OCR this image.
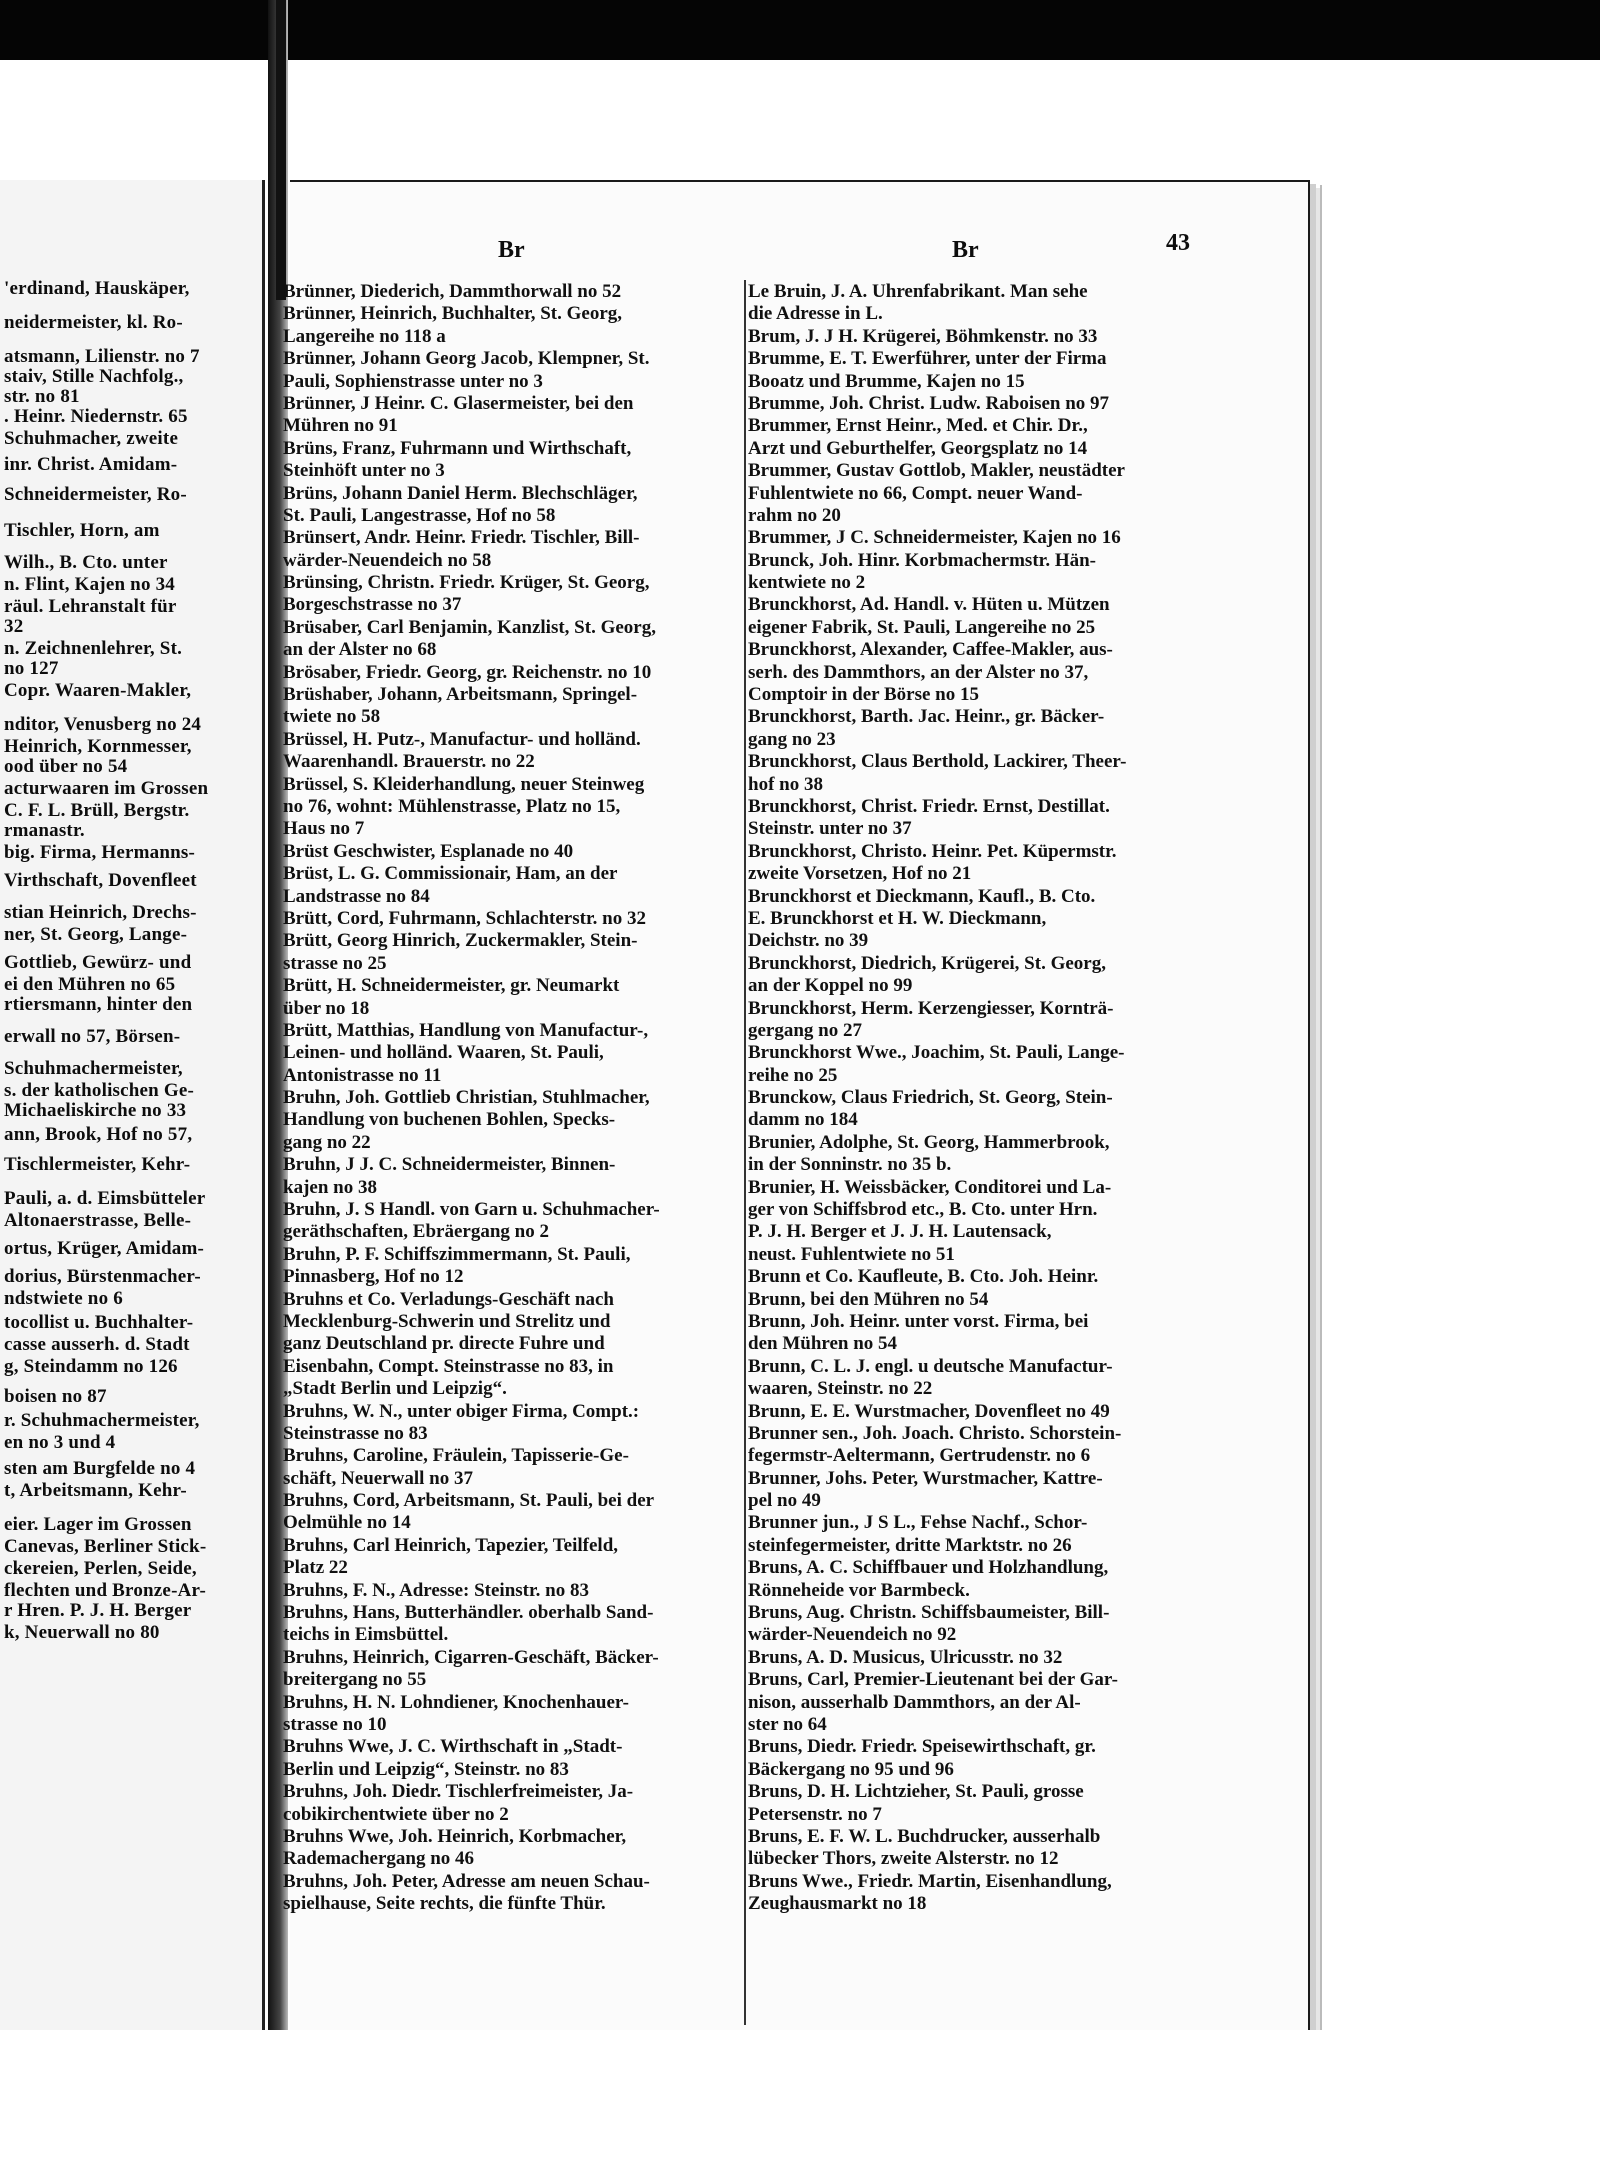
'erdinand, Hauskäper,
neidermeister, kl. Ro-
atsmann, Lilienstr. no 7
staiv, Stille Nachfolg.,
str. no 81
. Heinr. Niedernstr. 65
Schuhmacher, zweite
inr. Christ. Amidam-
Schneidermeister, Ro-
Tischler, Horn, am
Wilh., B. Cto. unter
n. Flint, Kajen no 34
räul. Lehranstalt für
32
n. Zeichnenlehrer, St.
no 127
Copr. Waaren-Makler,
nditor, Venusberg no 24
Heinrich, Kornmesser,
ood über no 54
acturwaaren im Grossen
C. F. L. Brüll, Bergstr.
rmanastr.
big. Firma, Hermanns-
Virthschaft, Dovenfleet
stian Heinrich, Drechs-
ner, St. Georg, Lange-
Gottlieb, Gewürz- und
ei den Mühren no 65
rtiersmann, hinter den
erwall no 57, Börsen-
Schuhmachermeister,
s. der katholischen Ge-
Michaeliskirche no 33
ann, Brook, Hof no 57,
Tischlermeister, Kehr-
Pauli, a. d. Eimsbütteler
Altonaerstrasse, Belle-
ortus, Krüger, Amidam-
dorius, Bürstenmacher-
ndstwiete no 6
tocollist u. Buchhalter-
casse ausserh. d. Stadt
g, Steindamm no 126
boisen no 87
r. Schuhmachermeister,
en no 3 und 4
sten am Burgfelde no 4
t, Arbeitsmann, Kehr-
eier. Lager im Grossen
Canevas, Berliner Stick-
ckereien, Perlen, Seide,
flechten und Bronze-Ar-
r Hren. P. J. H. Berger
k, Neuerwall no 80
Br	Br	43
Brünner, Diederich, Dammthorwall no 52
Brünner, Heinrich, Buchhalter, St. Georg,
Langereihe no 118 a
Brünner, Johann Georg Jacob, Klempner, St.
Pauli, Sophienstrasse unter no 3
Brünner, J Heinr. C. Glasermeister, bei den
Mühren no 91
Brüns, Franz, Fuhrmann und Wirthschaft,
Steinhöft unter no 3
Brüns, Johann Daniel Herm. Blechschläger,
St. Pauli, Langestrasse, Hof no 58
Brünsert, Andr. Heinr. Friedr. Tischler, Bill-
wärder-Neuendeich no 58
Brünsing, Christn. Friedr. Krüger, St. Georg,
Borgeschstrasse no 37
Brüsaber, Carl Benjamin, Kanzlist, St. Georg,
an der Alster no 68
Brösaber, Friedr. Georg, gr. Reichenstr. no 10
Brüshaber, Johann, Arbeitsmann, Springel-
twiete no 58
Brüssel, H. Putz-, Manufactur- und holländ.
Waarenhandl. Brauerstr. no 22
Brüssel, S. Kleiderhandlung, neuer Steinweg
no 76, wohnt: Mühlenstrasse, Platz no 15,
Haus no 7
Brüst Geschwister, Esplanade no 40
Brüst, L. G. Commissionair, Ham, an der
Landstrasse no 84
Brütt, Cord, Fuhrmann, Schlachterstr. no 32
Brütt, Georg Hinrich, Zuckermakler, Stein-
strasse no 25
Brütt, H. Schneidermeister, gr. Neumarkt
über no 18
Brütt, Matthias, Handlung von Manufactur-,
Leinen- und holländ. Waaren, St. Pauli,
Antonistrasse no 11
Bruhn, Joh. Gottlieb Christian, Stuhlmacher,
Handlung von buchenen Bohlen, Specks-
gang no 22
Bruhn, J J. C. Schneidermeister, Binnen-
kajen no 38
Bruhn, J. S Handl. von Garn u. Schuhmacher-
geräthschaften, Ebräergang no 2
Bruhn, P. F. Schiffszimmermann, St. Pauli,
Pinnasberg, Hof no 12
Bruhns et Co. Verladungs-Geschäft nach
Mecklenburg-Schwerin und Strelitz und
ganz Deutschland pr. directe Fuhre und
Eisenbahn, Compt. Steinstrasse no 83, in
„Stadt Berlin und Leipzig“.
Bruhns, W. N., unter obiger Firma, Compt.:
Steinstrasse no 83
Bruhns, Caroline, Fräulein, Tapisserie-Ge-
schäft, Neuerwall no 37
Bruhns, Cord, Arbeitsmann, St. Pauli, bei der
Oelmühle no 14
Bruhns, Carl Heinrich, Tapezier, Teilfeld,
Platz 22
Bruhns, F. N., Adresse: Steinstr. no 83
Bruhns, Hans, Butterhändler. oberhalb Sand-
teichs in Eimsbüttel.
Bruhns, Heinrich, Cigarren-Geschäft, Bäcker-
breitergang no 55
Bruhns, H. N. Lohndiener, Knochenhauer-
strasse no 10
Bruhns Wwe, J. C. Wirthschaft in „Stadt-
Berlin und Leipzig“, Steinstr. no 83
Bruhns, Joh. Diedr. Tischlerfreimeister, Ja-
cobikirchentwiete über no 2
Bruhns Wwe, Joh. Heinrich, Korbmacher,
Rademachergang no 46
Bruhns, Joh. Peter, Adresse am neuen Schau-
spielhause, Seite rechts, die fünfte Thür.
Le Bruin, J. A. Uhrenfabrikant. Man sehe
die Adresse in L.
Brum, J. J H. Krügerei, Böhmkenstr. no 33
Brumme, E. T. Ewerführer, unter der Firma
Booatz und Brumme, Kajen no 15
Brumme, Joh. Christ. Ludw. Raboisen no 97
Brummer, Ernst Heinr., Med. et Chir. Dr.,
Arzt und Geburthelfer, Georgsplatz no 14
Brummer, Gustav Gottlob, Makler, neustädter
Fuhlentwiete no 66, Compt. neuer Wand-
rahm no 20
Brummer, J C. Schneidermeister, Kajen no 16
Brunck, Joh. Hinr. Korbmachermstr. Hän-
kentwiete no 2
Brunckhorst, Ad. Handl. v. Hüten u. Mützen
eigener Fabrik, St. Pauli, Langereihe no 25
Brunckhorst, Alexander, Caffee-Makler, aus-
serh. des Dammthors, an der Alster no 37,
Comptoir in der Börse no 15
Brunckhorst, Barth. Jac. Heinr., gr. Bäcker-
gang no 23
Brunckhorst, Claus Berthold, Lackirer, Theer-
hof no 38
Brunckhorst, Christ. Friedr. Ernst, Destillat.
Steinstr. unter no 37
Brunckhorst, Christo. Heinr. Pet. Küpermstr.
zweite Vorsetzen, Hof no 21
Brunckhorst et Dieckmann, Kaufl., B. Cto.
E. Brunckhorst et H. W. Dieckmann,
Deichstr. no 39
Brunckhorst, Diedrich, Krügerei, St. Georg,
an der Koppel no 99
Brunckhorst, Herm. Kerzengiesser, Kornträ-
gergang no 27
Brunckhorst Wwe., Joachim, St. Pauli, Lange-
reihe no 25
Brunckow, Claus Friedrich, St. Georg, Stein-
damm no 184
Brunier, Adolphe, St. Georg, Hammerbrook,
in der Sonninstr. no 35 b.
Brunier, H. Weissbäcker, Conditorei und La-
ger von Schiffsbrod etc., B. Cto. unter Hrn.
P. J. H. Berger et J. J. H. Lautensack,
neust. Fuhlentwiete no 51
Brunn et Co. Kaufleute, B. Cto. Joh. Heinr.
Brunn, bei den Mühren no 54
Brunn, Joh. Heinr. unter vorst. Firma, bei
den Mühren no 54
Brunn, C. L. J. engl. u deutsche Manufactur-
waaren, Steinstr. no 22
Brunn, E. E. Wurstmacher, Dovenfleet no 49
Brunner sen., Joh. Joach. Christo. Schorstein-
fegermstr-Aeltermann, Gertrudenstr. no 6
Brunner, Johs. Peter, Wurstmacher, Kattre-
pel no 49
Brunner jun., J S L., Fehse Nachf., Schor-
steinfegermeister, dritte Marktstr. no 26
Bruns, A. C. Schiffbauer und Holzhandlung,
Rönneheide vor Barmbeck.
Bruns, Aug. Christn. Schiffsbaumeister, Bill-
wärder-Neuendeich no 92
Bruns, A. D. Musicus, Ulricusstr. no 32
Bruns, Carl, Premier-Lieutenant bei der Gar-
nison, ausserhalb Dammthors, an der Al-
ster no 64
Bruns, Diedr. Friedr. Speisewirthschaft, gr.
Bäckergang no 95 und 96
Bruns, D. H. Lichtzieher, St. Pauli, grosse
Petersenstr. no 7
Bruns, E. F. W. L. Buchdrucker, ausserhalb
lübecker Thors, zweite Alsterstr. no 12
Bruns Wwe., Friedr. Martin, Eisenhandlung,
Zeughausmarkt no 18
